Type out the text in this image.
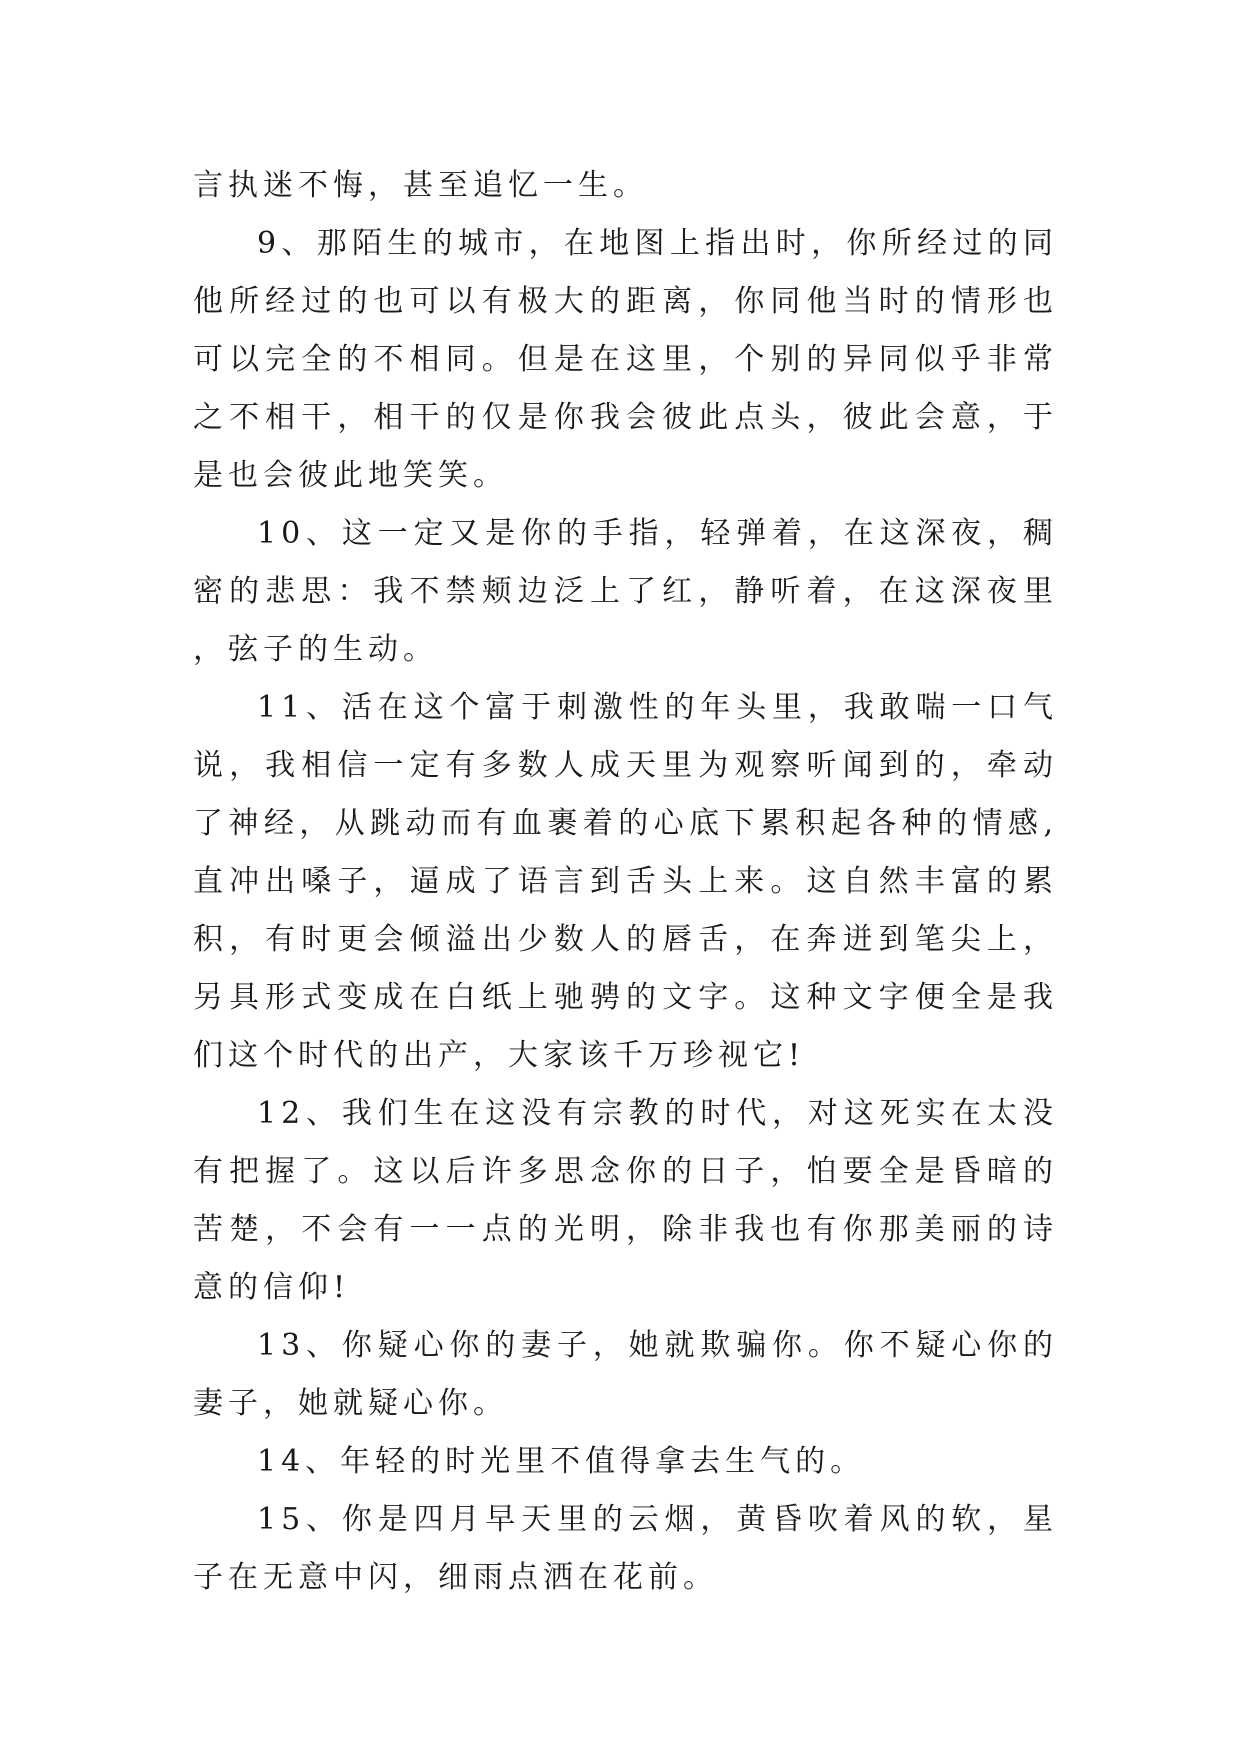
言执迷不悔，甚至追忆一生。

9、那陌生的城市，在地图上指出时，你所经过的同他所经过的也可以有极大的距离，你同他当时的情形也可以完全的不相同。但是在这里，个别的异同似乎非常之不相干，相干的仅是你我会彼此点头，彼此会意，于是也会彼此地笑笑。

10、这一定又是你的手指，轻弹着，在这深夜，稠密的悲思：我不禁颊边泛上了红，静听着，在这深夜里，弦子的生动。

11、活在这个富于刺激性的年头里，我敢喘一口气说，我相信一定有多数人成天里为观察听闻到的，牵动了神经，从跳动而有血裹着的心底下累积起各种的情感,直冲出嗓子，逼成了语言到舌头上来。这自然丰富的累积，有时更会倾溢出少数人的唇舌，在奔迸到笔尖上，另具形式变成在白纸上驰骋的文字。这种文字便全是我们这个时代的出产，大家该千万珍视它!

12、我们生在这没有宗教的时代，对这死实在太没有把握了。这以后许多思念你的日子，怕要全是昏暗的苦楚，不会有一一点的光明，除非我也有你那美丽的诗意的信仰!

13、你疑心你的妻子，她就欺骗你。你不疑心你的妻子，她就疑心你。

14、年轻的时光里不值得拿去生气的。

15、你是四月早天里的云烟，黄昏吹着风的软，星子在无意中闪，细雨点洒在花前。
